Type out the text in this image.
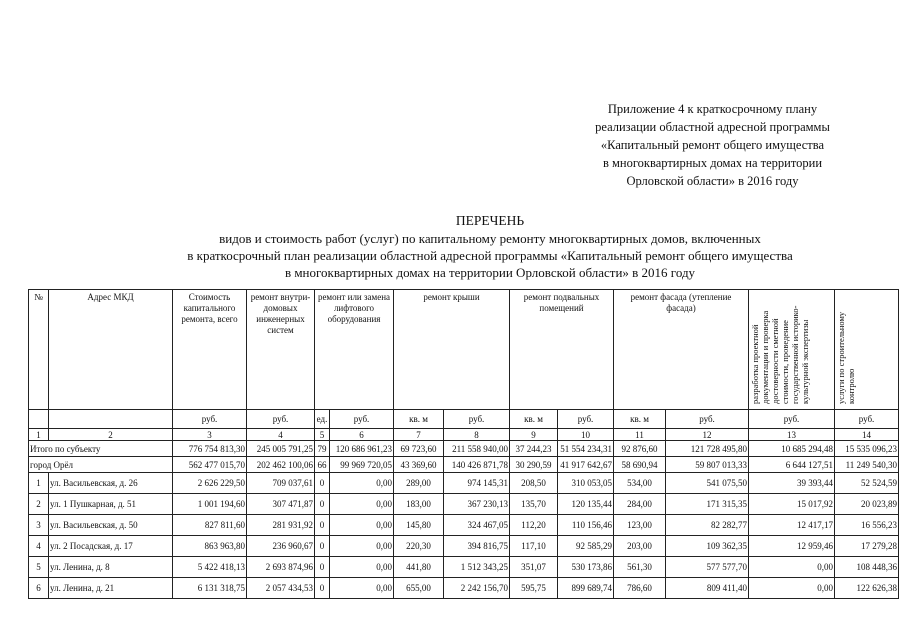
Приложение 4 к краткосрочному плану
реализации областной адресной программы
«Капитальный ремонт общего имущества
в многоквартирных домах на территории
Орловской области» в 2016 году
ПЕРЕЧЕНЬ
видов и стоимость работ (услуг) по капитальному ремонту многоквартирных домов, включенных
в краткосрочный план реализации областной адресной программы «Капитальный ремонт общего имущества
в многоквартирных домах на территории Орловской области» в 2016 году
№	Адрес МКД	Стоимость капитального ремонта, всего	ремонт внутри-домовых инженерных систем	ремонт или замена лифтового оборудования		ремонт крыши		ремонт подвальных помещений		ремонт фасада (утепление фасада)		разработка проектной документации и проверка достоверности сметной стоимости, проведение государственной историко-культурной экспертизы	услуги по строительному контролю

		руб.	руб.	ед.	руб.	кв. м	руб.	кв. м	руб.	кв. м	руб.	руб.	руб.
1	2	3	4	5	6	7	8	9	10	11	12	13	14
Итого по субъекту		776 754 813,30	245 005 791,25	79	120 686 961,23	69 723,60	211 558 940,00	37 244,23	51 554 234,31	92 876,60	121 728 495,80	10 685 294,48	15 535 096,23
город Орёл		562 477 015,70	202 462 100,06	66	99 969 720,05	43 369,60	140 426 871,78	30 290,59	41 917 642,67	58 690,94	59 807 013,33	6 644 127,51	11 249 540,30
1	ул. Васильевская, д. 26	2 626 229,50	709 037,61	0	0,00	289,00	974 145,31	208,50	310 053,05	534,00	541 075,50	39 393,44	52 524,59
2	ул. 1 Пушкарная, д. 51	1 001 194,60	307 471,87	0	0,00	183,00	367 230,13	135,70	120 135,44	284,00	171 315,35	15 017,92	20 023,89
3	ул. Васильевская, д. 50	827 811,60	281 931,92	0	0,00	145,80	324 467,05	112,20	110 156,46	123,00	82 282,77	12 417,17	16 556,23
4	ул. 2 Посадская, д. 17	863 963,80	236 960,67	0	0,00	220,30	394 816,75	117,10	92 585,29	203,00	109 362,35	12 959,46	17 279,28
5	ул. Ленина, д. 8	5 422 418,13	2 693 874,96	0	0,00	441,80	1 512 343,25	351,07	530 173,86	561,30	577 577,70	0,00	108 448,36
6	ул. Ленина, д. 21	6 131 318,75	2 057 434,53	0	0,00	655,00	2 242 156,70	595,75	899 689,74	786,60	809 411,40	0,00	122 626,38
